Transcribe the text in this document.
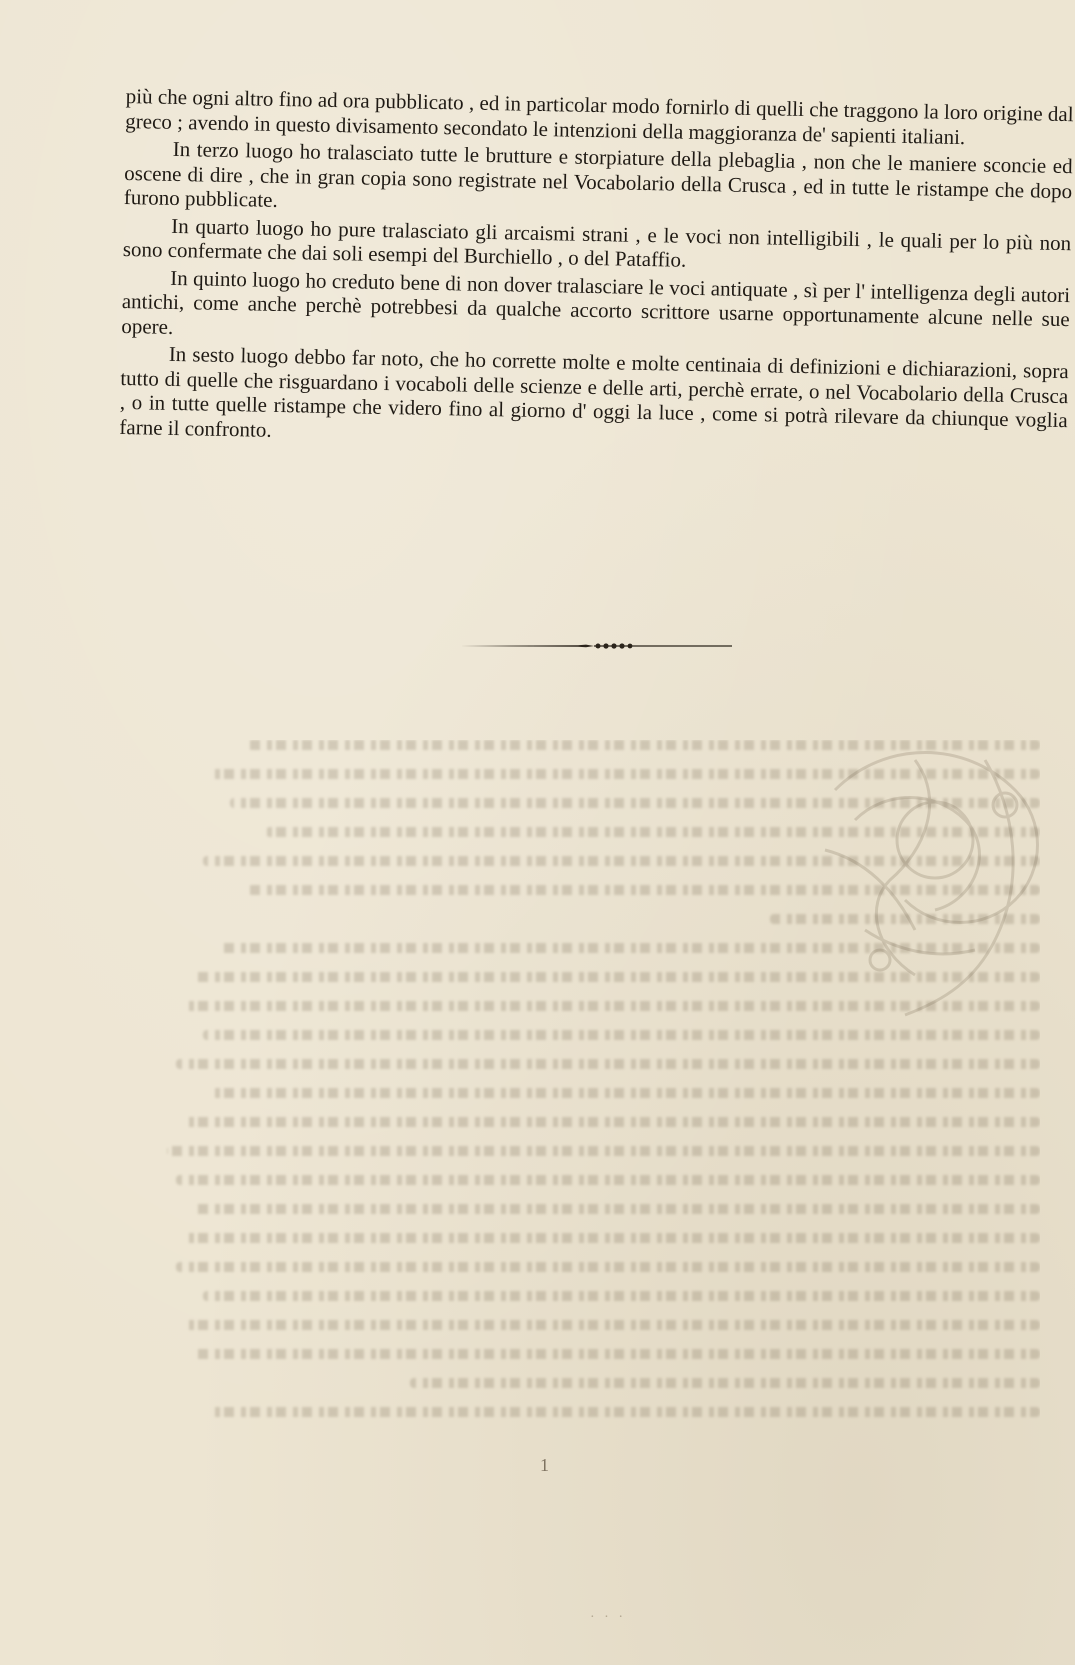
più che ogni altro fino ad ora pubblicato , ed in particolar modo fornirlo di quelli che traggono la loro origine dal greco ; avendo in questo divisamento secondato le intenzioni della maggioranza de' sapienti italiani.

In terzo luogo ho tralasciato tutte le brutture e storpiature della plebaglia , non che le maniere sconcie ed oscene di dire , che in gran copia sono registrate nel Vocabolario della Crusca , ed in tutte le ristampe che dopo furono pubblicate.

In quarto luogo ho pure tralasciato gli arcaismi strani , e le voci non intelligibili , le quali per lo più non sono confermate che dai soli esempi del Burchiello , o del Pataffio.

In quinto luogo ho creduto bene di non dover tralasciare le voci antiquate , sì per l' intelligenza degli autori antichi, come anche perchè potrebbesi da qualche accorto scrittore usarne opportunamente alcune nelle sue opere.

In sesto luogo debbo far noto, che ho corrette molte e molte centinaia di definizioni e dichiarazioni, sopra tutto di quelle che risguardano i vocaboli delle scienze e delle arti, perchè errate, o nel Vocabolario della Crusca , o in tutte quelle ristampe che videro fino al giorno d' oggi la luce , come si potrà rilevare da chiunque voglia farne il confronto.

1
· · ·
